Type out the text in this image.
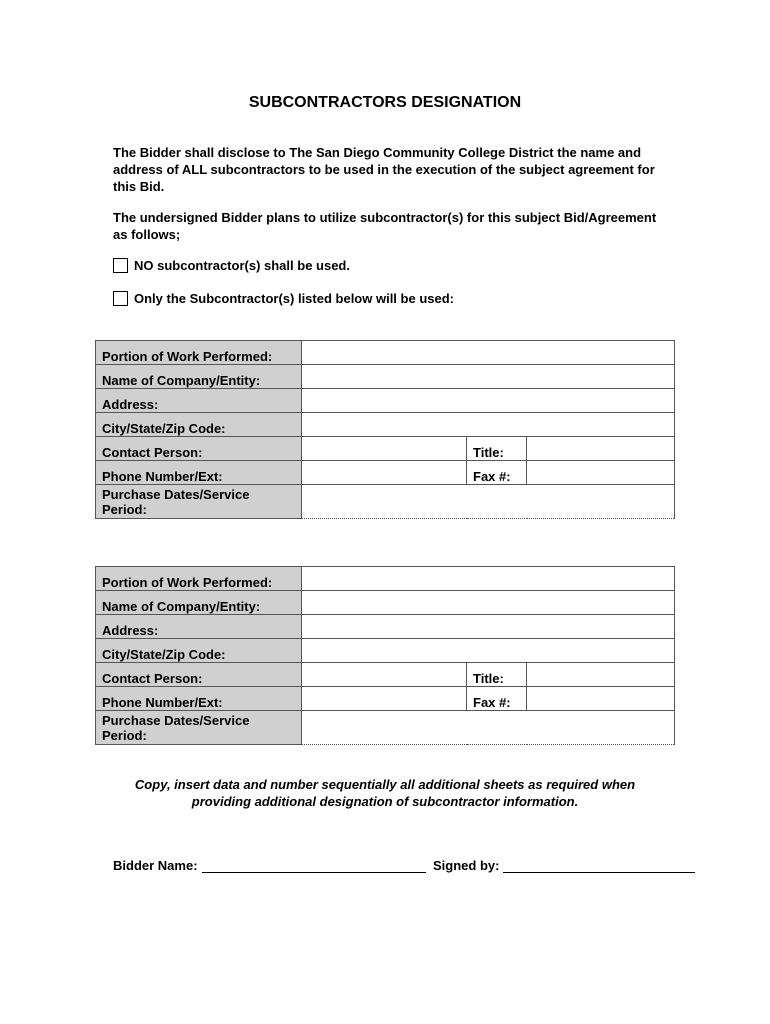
SUBCONTRACTORS DESIGNATION
The Bidder shall disclose to The San Diego Community College District the name and address of ALL subcontractors to be used in the execution of the subject agreement for this Bid.
The undersigned Bidder plans to utilize subcontractor(s) for this subject Bid/Agreement as follows;
NO subcontractor(s) shall be used.
Only the Subcontractor(s) listed below will be used:
Portion of Work Performed:			
Name of Company/Entity:			
Address:			
City/State/Zip Code:			
Contact Person:		Title:	
Phone Number/Ext:		Fax #:	
Purchase Dates/Service
Period:			
Portion of Work Performed:			
Name of Company/Entity:			
Address:			
City/State/Zip Code:			
Contact Person:		Title:	
Phone Number/Ext:		Fax #:	
Purchase Dates/Service
Period:			
Copy, insert data and number sequentially all additional sheets as required when
providing additional designation of subcontractor information.
Bidder Name:	Signed by:
